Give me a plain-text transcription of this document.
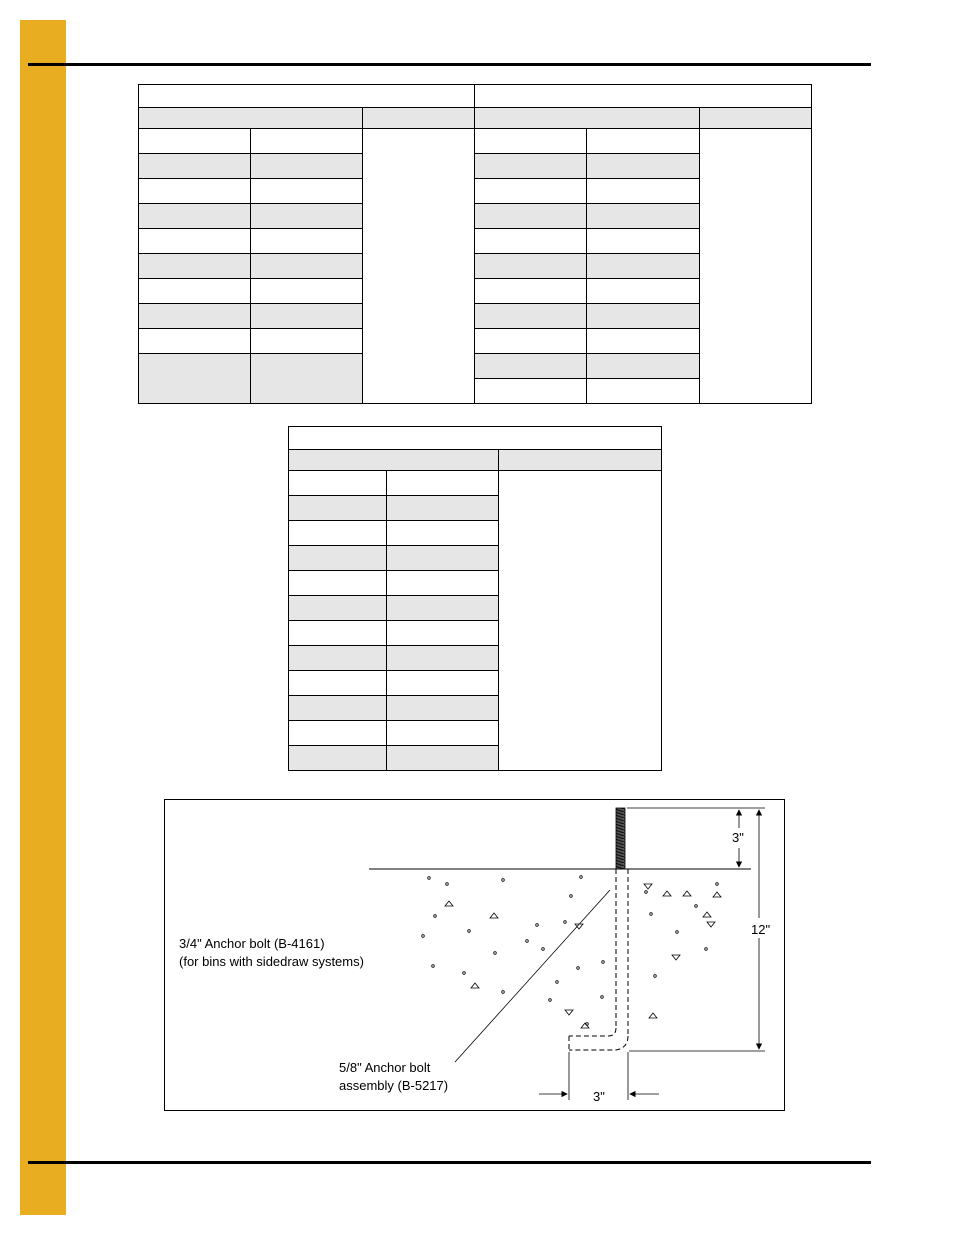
3/4" Anchor bolt (B-4161)
(for bins with sidedraw systems)
5/8" Anchor bolt
assembly (B-5217)
3"
12"
3"
